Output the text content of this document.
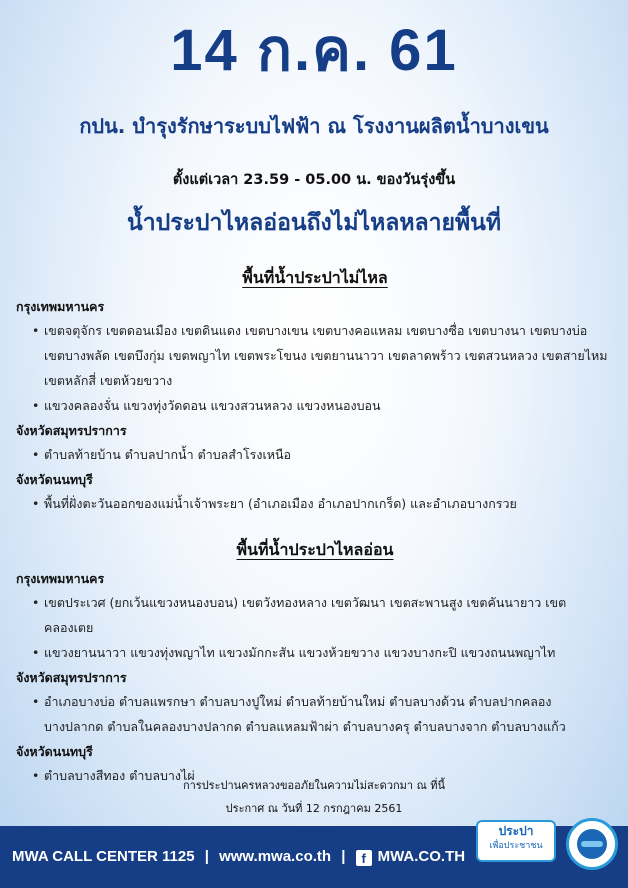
14 ก.ค. 61
กปน. บำรุงรักษาระบบไฟฟ้า ณ โรงงานผลิตน้ำบางเขน
ตั้งแต่เวลา 23.59 - 05.00 น. ของวันรุ่งขึ้น
น้ำประปาไหลอ่อนถึงไม่ไหลหลายพื้นที่
พื้นที่น้ำประปาไม่ไหล
กรุงเทพมหานคร
• เขตจตุจักร เขตดอนเมือง เขตดินแดง เขตบางเขน เขตบางคอแหลม เขตบางซื่อ เขตบางนา เขตบางบ่อ
เขตบางพลัด เขตบึงกุ่ม เขตพญาไท เขตพระโขนง เขตยานนาวา เขตลาดพร้าว เขตสวนหลวง เขตสายไหม
เขตหลักสี่ เขตห้วยขวาง
• แขวงคลองจั่น แขวงทุ่งวัดดอน แขวงสวนหลวง แขวงหนองบอน
จังหวัดสมุทรปราการ
• ตำบลท้ายบ้าน ตำบลปากน้ำ ตำบลสำโรงเหนือ
จังหวัดนนทบุรี
• พื้นที่ฝั่งตะวันออกของแม่น้ำเจ้าพระยา (อำเภอเมือง อำเภอปากเกร็ด) และอำเภอบางกรวย
พื้นที่น้ำประปาไหลอ่อน
กรุงเทพมหานคร
• เขตประเวศ (ยกเว้นแขวงหนองบอน) เขตวังทองหลาง เขตวัฒนา เขตสะพานสูง เขตคันนายาว เขตคลองเตย
• แขวงยานนาวา แขวงทุ่งพญาไท แขวงมักกะสัน แขวงห้วยขวาง แขวงบางกะปิ แขวงถนนพญาไท
จังหวัดสมุทรปราการ
• อำเภอบางบ่อ ตำบลแพรกษา ตำบลบางปูใหม่ ตำบลท้ายบ้านใหม่ ตำบลบางด้วน ตำบลปากคลอง
บางปลากด ตำบลในคลองบางปลากด ตำบลแหลมฟ้าผ่า ตำบลบางครุ ตำบลบางจาก ตำบลบางแก้ว
จังหวัดนนทบุรี
• ตำบลบางสีทอง ตำบลบางไผ่
การประปานครหลวงขออภัยในความไม่สะดวกมา ณ ที่นี้
ประกาศ ณ วันที่ 12 กรกฎาคม 2561
MWA CALL CENTER 1125 | www.mwa.co.th | f MWA.CO.TH
ประปา
เพื่อประชาชน
